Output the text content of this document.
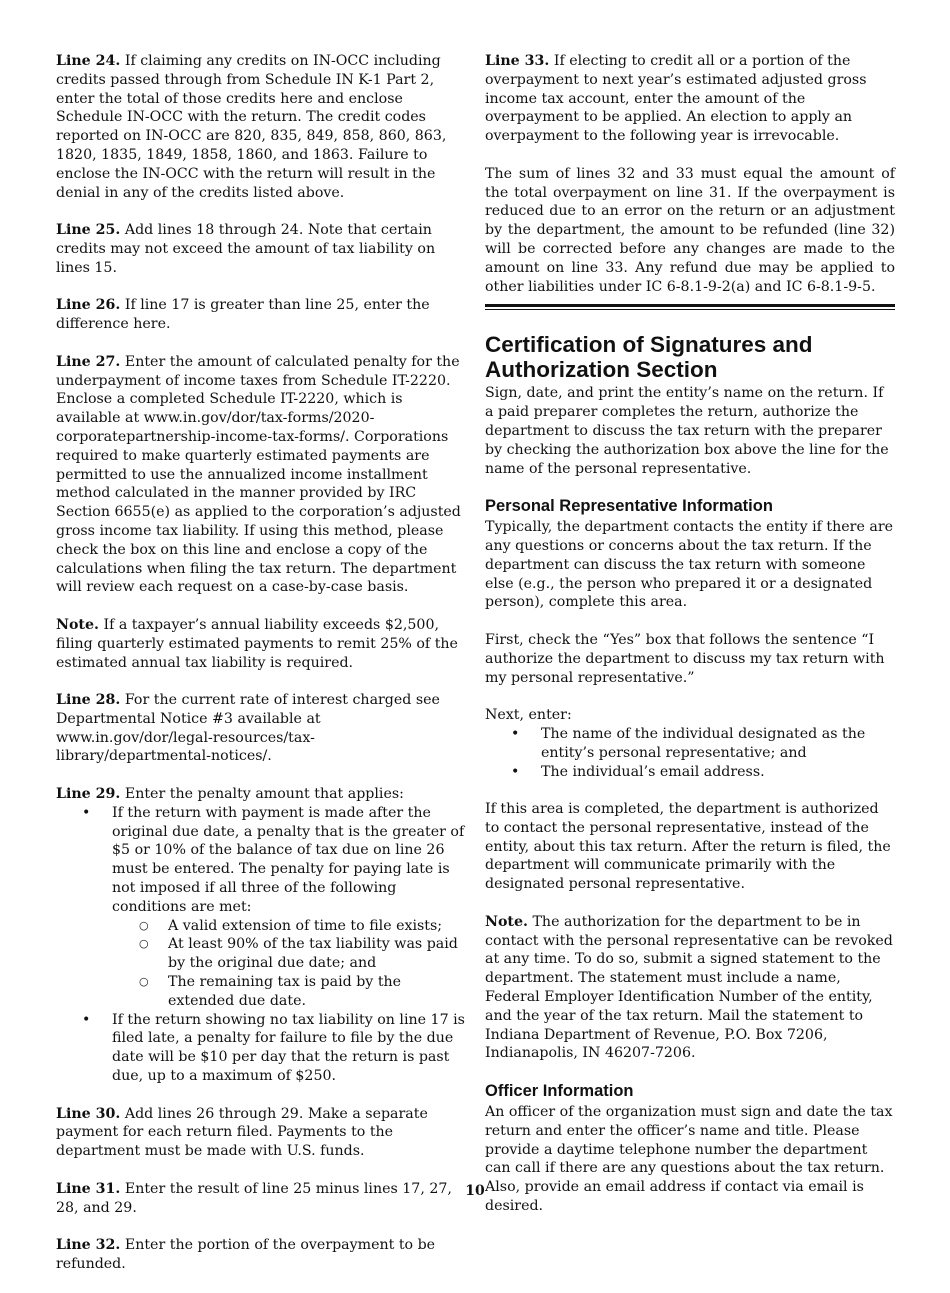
Line 24. If claiming any credits on IN-OCC including credits passed through from Schedule IN K-1 Part 2, enter the total of those credits here and enclose Schedule IN-OCC with the return. The credit codes reported on IN-OCC are 820, 835, 849, 858, 860, 863, 1820, 1835, 1849, 1858, 1860, and 1863. Failure to enclose the IN-OCC with the return will result in the denial in any of the credits listed above.

Line 25. Add lines 18 through 24. Note that certain credits may not exceed the amount of tax liability on lines 15.

Line 26. If line 17 is greater than line 25, enter the difference here.

Line 27. Enter the amount of calculated penalty for the underpayment of income taxes from Schedule IT-2220. Enclose a completed Schedule IT-2220, which is available at www.in.gov/dor/tax-forms/2020-corporatepartnership-income-tax-forms/. Corporations required to make quarterly estimated payments are permitted to use the annualized income installment method calculated in the manner provided by IRC Section 6655(e) as applied to the corporation’s adjusted gross income tax liability. If using this method, please check the box on this line and enclose a copy of the calculations when filing the tax return. The department will review each request on a case-by-case basis.

Note. If a taxpayer’s annual liability exceeds $2,500, filing quarterly estimated payments to remit 25% of the estimated annual tax liability is required.

Line 28. For the current rate of interest charged see Departmental Notice #3 available at www.in.gov/dor/legal-resources/tax-library/departmental-notices/.

Line 29. Enter the penalty amount that applies:

• If the return with payment is made after the original due date, a penalty that is the greater of $5 or 10% of the balance of tax due on line 26 must be entered. The penalty for paying late is not imposed if all three of the following conditions are met:
○ A valid extension of time to file exists;
○ At least 90% of the tax liability was paid by the original due date; and
○ The remaining tax is paid by the extended due date.
• If the return showing no tax liability on line 17 is filed late, a penalty for failure to file by the due date will be $10 per day that the return is past due, up to a maximum of $250.

Line 30. Add lines 26 through 29. Make a separate payment for each return filed. Payments to the department must be made with U.S. funds.

Line 31. Enter the result of line 25 minus lines 17, 27, 28, and 29.

Line 32. Enter the portion of the overpayment to be refunded.

Line 33. If electing to credit all or a portion of the overpayment to next year’s estimated adjusted gross income tax account, enter the amount of the overpayment to be applied. An election to apply an overpayment to the following year is irrevocable.

The sum of lines 32 and 33 must equal the amount of the total overpayment on line 31. If the overpayment is reduced due to an error on the return or an adjustment by the department, the amount to be refunded (line 32) will be corrected before any changes are made to the amount on line 33. Any refund due may be applied to other liabilities under IC 6-8.1-9-2(a) and IC 6-8.1-9-5.

Certification of Signatures and Authorization Section

Sign, date, and print the entity’s name on the return. If a paid preparer completes the return, authorize the department to discuss the tax return with the preparer by checking the authorization box above the line for the name of the personal representative.

Personal Representative Information

Typically, the department contacts the entity if there are any questions or concerns about the tax return. If the department can discuss the tax return with someone else (e.g., the person who prepared it or a designated person), complete this area.

First, check the “Yes” box that follows the sentence “I authorize the department to discuss my tax return with my personal representative.”

Next, enter:

• The name of the individual designated as the entity’s personal representative; and
• The individual’s email address.

If this area is completed, the department is authorized to contact the personal representative, instead of the entity, about this tax return. After the return is filed, the department will communicate primarily with the designated personal representative.

Note. The authorization for the department to be in contact with the personal representative can be revoked at any time. To do so, submit a signed statement to the department. The statement must include a name, Federal Employer Identification Number of the entity, and the year of the tax return. Mail the statement to Indiana Department of Revenue, P.O. Box 7206, Indianapolis, IN 46207-7206.

Officer Information

An officer of the organization must sign and date the tax return and enter the officer’s name and title. Please provide a daytime telephone number the department can call if there are any questions about the tax return. Also, provide an email address if contact via email is desired.

10
